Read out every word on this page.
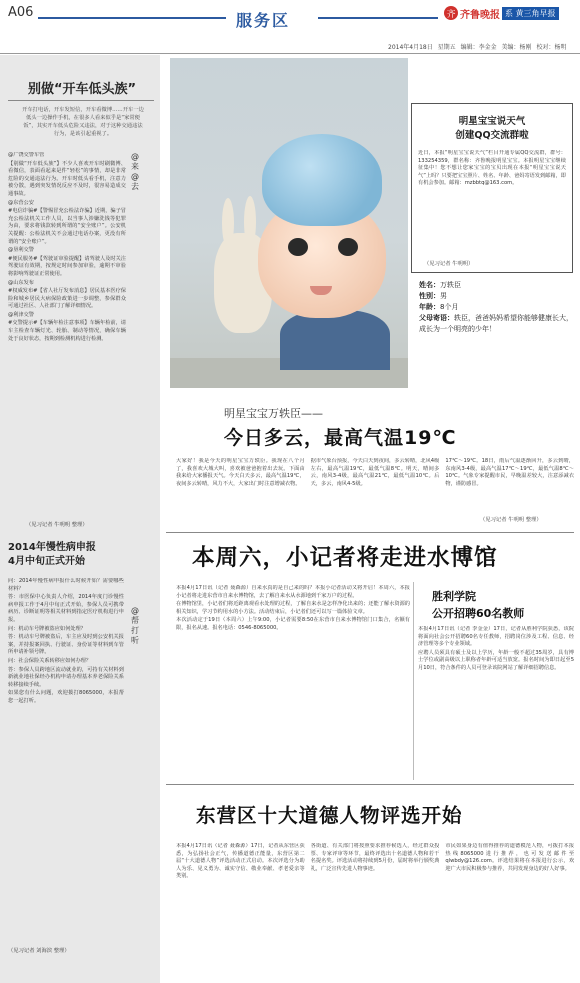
A06	服务区	齐 齐鲁晚报 系 黄三角早报
2014年4月18日 星期五 编辑：李金金 美编：杨刚 校对：杨明
别做“开车低头族”
开车打电话，开车发短信，开车看微博……开车一边低头一边操作手机，在很多人看来似乎是“家常便饭”，其实开车低头危险又违法，对于这种交通违法行为，是该引起重视了。
@广饶交警车管
【别做“开车低头族”】不少人喜欢开车时刷微博、看微信，表面看起来是件“轻松”的事情，却是非常危险的交通违法行为。开车时低头看手机，注意力被分散，遇到突发情况反应不及时，很容易造成交通事故。
@东营公安
#电信诈骗#【警惕冒充公检法诈骗】近期，骗子冒充公检法机关工作人员，以当事人涉嫌洗钱等犯罪为由，要求将钱款转到所谓的“安全账户”。公安机关提醒：公检法机关不会通过电话办案，更没有所谓的“安全账户”。
@垦利交警
#便民服务#【驾驶证审验提醒】请驾驶人及时关注驾驶证有效期，按规定时间参加审验，逾期不审验将影响驾驶证正常使用。
@山东发布
#权威发布#【省人社厅发布消息】居民基本医疗保险和城乡居民大病保险政策进一步调整，参保群众可通过社区、人社部门了解详细情况。
@利津交警
#交警提示#【车辆年检注意事项】车辆年检前，请车主检查车辆灯光、轮胎、制动等情况，确保车辆处于良好状态，按期到检测机构进行检测。
@来@去
（见习记者 牛明明 整理）
2014年慢性病申报
4月中旬正式开始
问：2014年慢性病申报什么时候开始？需要哪些材料？
答：市医保中心负责人介绍，2014年度门诊慢性病申报工作于4月中旬正式开始，参保人员可携带病历、诊断证明等相关材料到指定医疗机构进行申报。
问：机动车号牌被盗应如何处理？
答：机动车号牌被盗后，车主应及时到公安机关报案，并持报案回执、行驶证、身份证等材料到车管所申请补领号牌。
问：社会保险关系转移应如何办理？
答：参保人员跨地区流动就业的，可持有关材料到新就业地社保经办机构申请办理基本养老保险关系转移接续手续。
如果您有什么问题，欢迎拨打8065000，本报帮您一起打听。
@帮打听
（见习记者 刘海滨 整理）
明星宝宝说天气
创建QQ交流群啦
近日，本报“明星宝宝说天气”栏目开通专属QQ交流群，群号：133254359，群名称：齐鲁晚报明星宝宝。本报明星宝宝继续征集中！您不想让您家宝宝的宝贝出现在本报“明星宝宝说天气”上吗？只要把宝宝照片、姓名、年龄、爸妈寄语发到邮箱，即有机会参加。邮箱：mzbbtq@163.com。
（见习记者 牛明明）
姓名：万轶臣
性别：男
年龄：8个月
父母寄语：轶臣，爸爸妈妈希望你能够健康长大，成长为一个明亮的少年！
明星宝宝万轶臣——
今日多云，最高气温19℃
大家好！我是今天的明星宝宝万轶臣。我现在八个月了，我喜欢大城大叫，喜欢被爸爸抱着出去玩。下面由我来给大家播报天气。今天白天多云，最高气温19℃，夜间多云转晴，风力不大，大家出门时注意增减衣物。
据市气象台预报，今天白天到夜间，多云转晴，北风4级左右，最高气温19℃，最低气温8℃。明天，晴间多云，南风3-4级，最高气温21℃，最低气温10℃。后天，多云，南风4-5级。
17℃～19℃。18日，雨后气温逐渐回升，多云到晴，东南风3-4级，最高气温17℃～19℃，最低气温8℃～10℃。气象专家提醒市民，早晚温差较大，注意添减衣物，谨防感冒。
（见习记者 牛明明 整理）
本周六，小记者将走进水博馆
本报4月17日讯（记者 聂森源）自来水真的是自己来的吗？本报小记者活动又将开启！本周六，本报小记者将走进东营市自来水博物馆，去了解自来水从水源地到千家万户的过程。
在博物馆里，小记者们将近距离观看水处理的过程，了解自来水是怎样净化出来的；还能了解水资源的相关知识，学习节约用水的小方法。活动结束后，小记者们还可以写一篇体验文章。
本次活动定于19日（本周六）上午9:00，小记者需要8:50在东营市自来水博物馆门口集合，名额有限，报名从速。报名电话：0546-8065000。
胜利学院
公开招聘60名教师
本报4月17日讯（记者 李金金）17日，记者从胜利学院获悉，该院将面向社会公开招聘60名专任教师，招聘岗位涉及工程、信息、经济管理等多个专业领域。
应聘人员须具有硕士及以上学历，年龄一般不超过35周岁，具有博士学位或副高级以上职称者年龄可适当放宽。报名时间为即日起至5月10日，符合条件的人员可登录该院网站了解详细招聘信息。
东营区十大道德人物评选开始
本报4月17日讯（记者 聂森源）17日，记者从东营区获悉，为弘扬社会正气，传播道德正能量，东营区第二届“十大道德人物”评选活动正式启动。本次评选分为助人为乐、见义勇为、诚实守信、敬业奉献、孝老爱亲等类别。
各街道、有关部门将按照要求推荐候选人，经过群众投票、专家评审等环节，最终评选出十名道德人物和若干名提名奖。评选活动将持续到5月份，届时将举行颁奖典礼，广泛宣传先进人物事迹。
市民如果身边有值得推荐的道德模范人物，可拨打本报热线8065000进行推荐，也可发送邮件至qlwbdy@126.com。评选结果将在本报进行公示，欢迎广大市民积极参与推荐，共同发现身边的好人好事。
